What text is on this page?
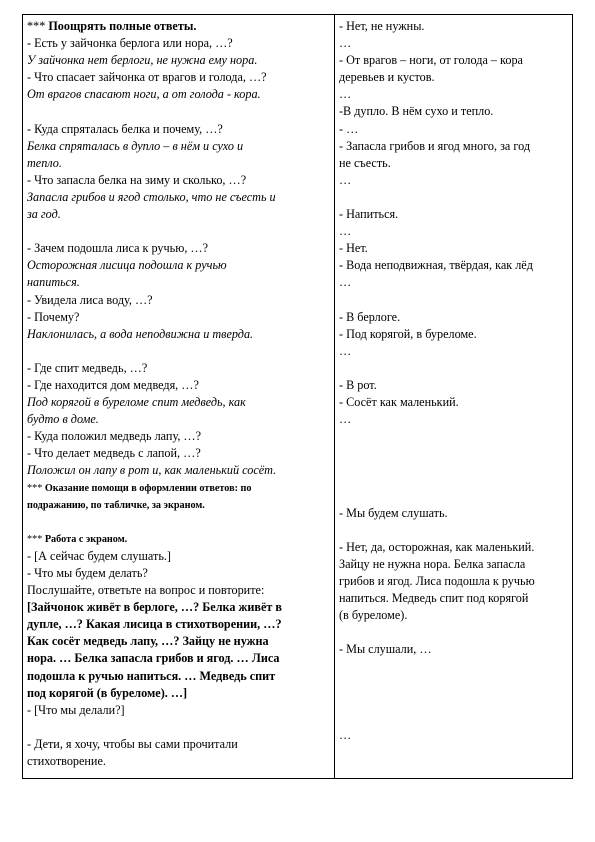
*** Поощрять полные ответы.
- Есть у зайчонка берлога или нора, …?
У зайчонка нет берлоги, не нужна ему нора.
- Что спасает зайчонка от врагов и голода, …?
От врагов спасают ноги, а от голода - кора.
- Куда спряталась белка и почему, …?
Белка спряталась в дупло – в нём и сухо и
тепло.
- Что запасла белка на зиму и сколько, …?
Запасла грибов и ягод столько, что не съесть и
за год.
- Зачем подошла лиса к ручью, …?
Осторожная лисица подошла к ручью
напиться.
- Увидела лиса воду, …?
- Почему?
Наклонилась, а вода неподвижна и тверда.
- Где спит медведь, …?
- Где находится дом медведя, …?
Под корягой в буреломе спит медведь, как
будто в доме.
- Куда положил медведь лапу, …?
- Что делает медведь с лапой, …?
Положил он лапу в рот и, как маленький сосёт.
*** Оказание помощи в оформлении ответов: по
подражанию, по табличке, за экраном.
*** Работа с экраном.
- [А сейчас будем слушать.]
- Что мы будем делать?
Послушайте, ответьте на вопрос и повторите:
[Зайчонок живёт в берлоге, …? Белка живёт в
дупле, …? Какая лисица в стихотворении, …?
Как сосёт медведь лапу, …? Зайцу не нужна
нора. … Белка запасла грибов и ягод. … Лиса
подошла к ручью напиться. … Медведь спит
под корягой (в буреломе). …]
- [Что мы делали?]
- Дети, я хочу, чтобы вы сами прочитали
стихотворение.
- Нет, не нужны.
…
- От врагов – ноги, от голода – кора
деревьев и кустов.
…
-В дупло. В нём сухо и тепло.
- …
- Запасла грибов и ягод много, за год
не съесть.
…
- Напиться.
…
- Нет.
- Вода неподвижная, твёрдая, как лёд
…
- В берлоге.
- Под корягой, в буреломе.
…
- В рот.
- Сосёт как маленький.
…
- Мы будем слушать.
- Нет, да, осторожная, как маленький.
Зайцу не нужна нора. Белка запасла
грибов и ягод. Лиса подошла к ручью
напиться. Медведь спит под корягой
(в буреломе).
- Мы слушали, …
…
